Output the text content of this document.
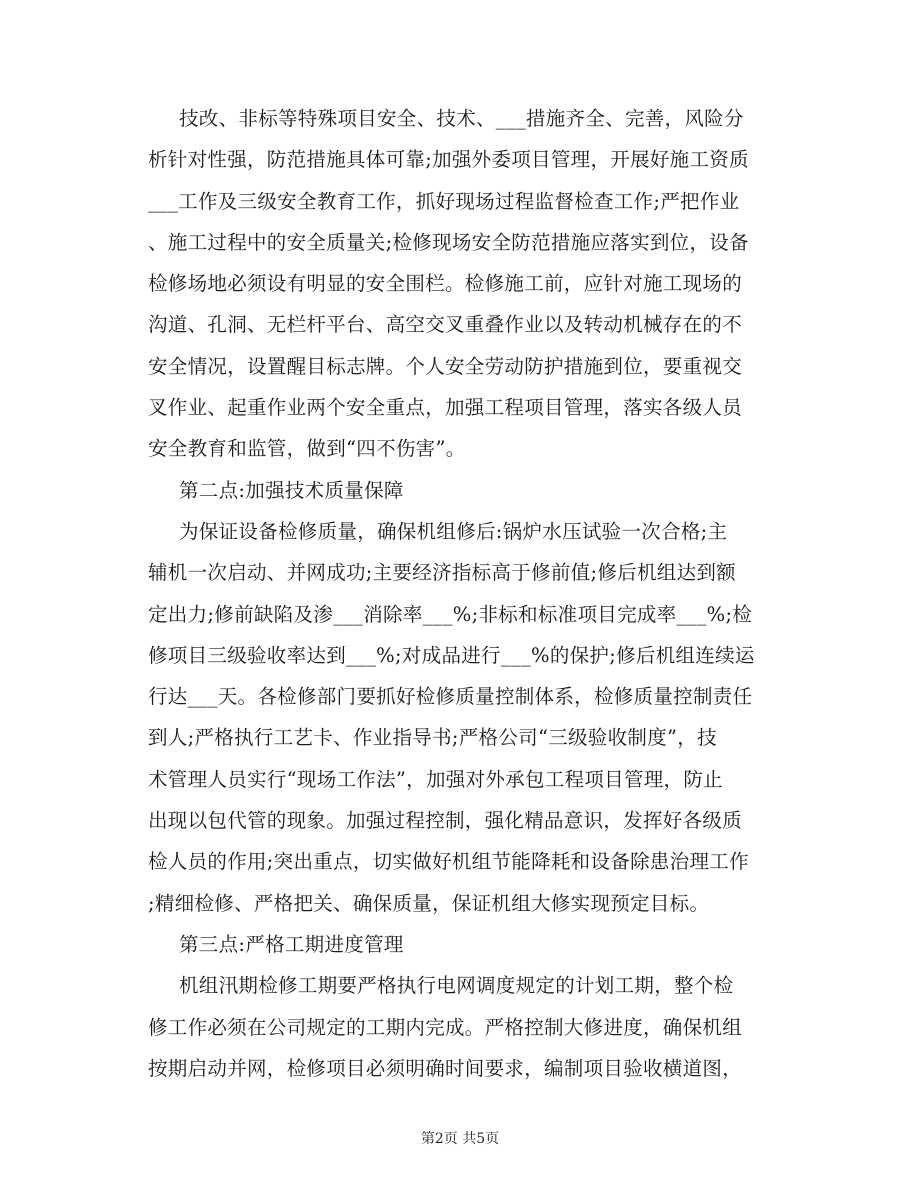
技改、非标等特殊项目安全、技术、___措施齐全、完善，风险分
析针对性强，防范措施具体可靠;加强外委项目管理，开展好施工资质
___工作及三级安全教育工作，抓好现场过程监督检查工作;严把作业
、施工过程中的安全质量关;检修现场安全防范措施应落实到位，设备
检修场地必须设有明显的安全围栏。检修施工前，应针对施工现场的
沟道、孔洞、无栏杆平台、高空交叉重叠作业以及转动机械存在的不
安全情况，设置醒目标志牌。个人安全劳动防护措施到位，要重视交
叉作业、起重作业两个安全重点，加强工程项目管理，落实各级人员
安全教育和监管，做到“四不伤害”。
第二点:加强技术质量保障
为保证设备检修质量，确保机组修后:锅炉水压试验一次合格;主
辅机一次启动、并网成功;主要经济指标高于修前值;修后机组达到额
定出力;修前缺陷及渗___消除率___%;非标和标准项目完成率___%;检
修项目三级验收率达到___%;对成品进行___%的保护;修后机组连续运
行达___天。各检修部门要抓好检修质量控制体系，检修质量控制责任
到人;严格执行工艺卡、作业指导书;严格公司“三级验收制度”，技
术管理人员实行“现场工作法”，加强对外承包工程项目管理，防止
出现以包代管的现象。加强过程控制，强化精品意识，发挥好各级质
检人员的作用;突出重点，切实做好机组节能降耗和设备除患治理工作
;精细检修、严格把关、确保质量，保证机组大修实现预定目标。
第三点:严格工期进度管理
机组汛期检修工期要严格执行电网调度规定的计划工期，整个检
修工作必须在公司规定的工期内完成。严格控制大修进度，确保机组
按期启动并网，检修项目必须明确时间要求，编制项目验收横道图，
第2页 共5页
